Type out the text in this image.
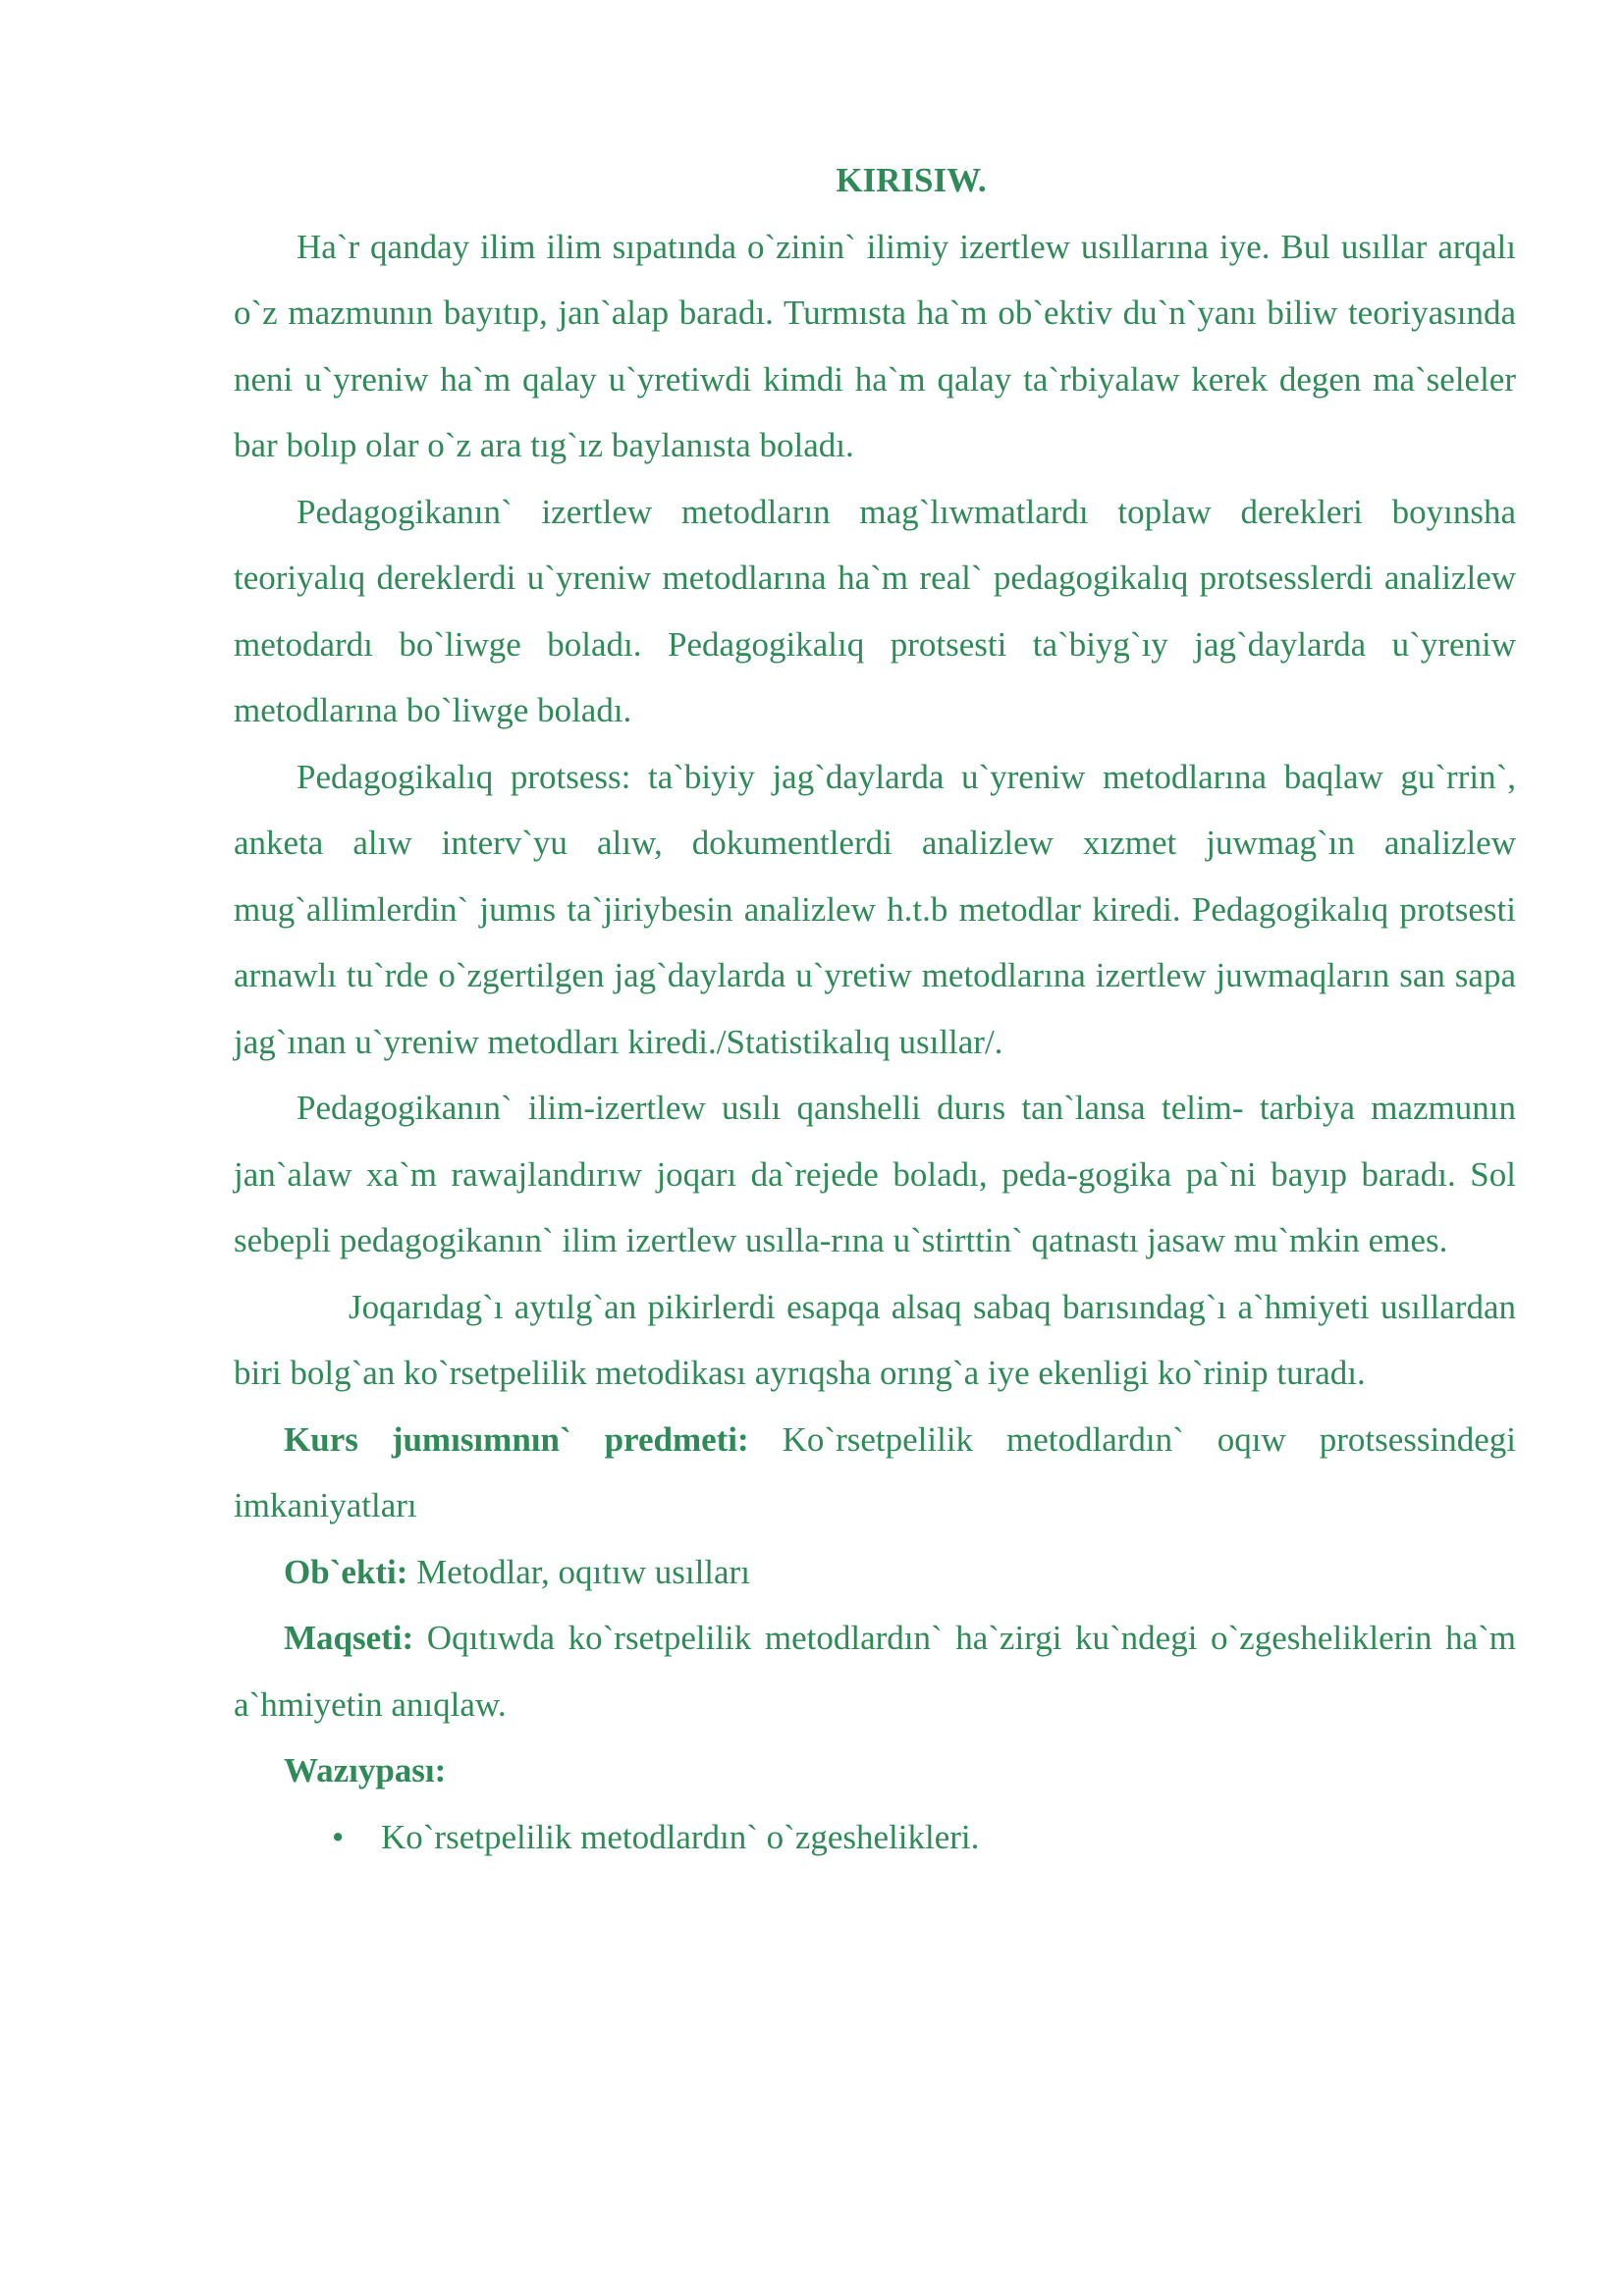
KIRISIW.

Ha`r qanday ilim ilim sıpatında o`zinin` ilimiy izertlew usıllarına iye. Bul usıllar arqalı o`z mazmunın bayıtıp, jan`alap baradı. Turmısta ha`m ob`ektiv du`n`yanı biliw teoriyasında neni u`yreniw ha`m qalay u`yretiwdi kimdi ha`m qalay ta`rbiyalaw kerek degen ma`seleler bar bolıp olar o`z ara tıg`ız baylanısta boladı.

Pedagogikanın` izertlew metodların mag`lıwmatlardı toplaw derekleri boyınsha teoriyalıq dereklerdi u`yreniw metodlarına ha`m real` pedagogikalıq protsesslerdi analizlew metodardı bo`liwge boladı. Pedagogikalıq protsesti ta`biyg`ıy jag`daylarda u`yreniw metodlarına bo`liwge boladı.

Pedagogikalıq protsess: ta`biyiy jag`daylarda u`yreniw metodlarına baqlaw gu`rrin`, anketa alıw interv`yu alıw, dokumentlerdi analizlew xızmet juwmag`ın analizlew mug`allimlerdin` jumıs ta`jiriybesin analizlew h.t.b metodlar kiredi. Pedagogikalıq protsesti arnawlı tu`rde o`zgertilgen jag`daylarda u`yretiw metodlarına izertlew juwmaqların san sapa jag`ınan u`yreniw metodları kiredi./Statistikalıq usıllar/.

Pedagogikanın` ilim-izertlew usılı qanshelli durıs tan`lansa telim- tarbiya mazmunın jan`alaw xa`m rawajlandırıw joqarı da`rejede boladı, peda-gogika pa`ni bayıp baradı. Sol sebepli pedagogikanın` ilim izertlew usılla-rına u`stirttin` qatnastı jasaw mu`mkin emes.

Joqarıdag`ı aytılg`an pikirlerdi esapqa alsaq sabaq barısındag`ı a`hmiyeti usıllardan biri bolg`an ko`rsetpelilik metodikası ayrıqsha orıng`a iye ekenligi ko`rinip turadı.

Kurs jumısımnın` predmeti: Ko`rsetpelilik metodlardın` oqıw protsessindegi imkaniyatları

Ob`ekti: Metodlar, oqıtıw usılları

Maqseti: Oqıtıwda ko`rsetpelilik metodlardın` ha`zirgi ku`ndegi o`zgesheliklerin ha`m a`hmiyetin anıqlaw.

Wazıypası:

• Ko`rsetpelilik metodlardın` o`zgeshelikleri.
